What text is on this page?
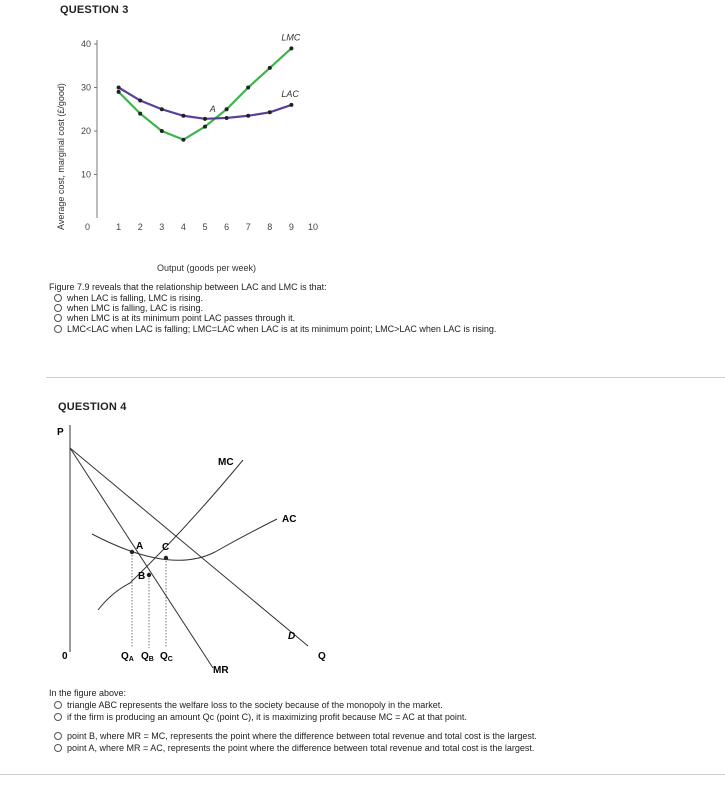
QUESTION 3
40
30
20
10
1 2 3 4 5 6 7 8 9 10
LMC
LAC
A
Average cost, marginal cost (£/good)
Output (goods per week)
0
Figure 7.9 reveals that the relationship between LAC and LMC is that:
when LAC is falling, LMC is rising.
when LMC is falling, LAC is rising.
when LMC is at its minimum point LAC passes through it.
LMC<LAC when LAC is falling; LMC=LAC when LAC is at its minimum point; LMC>LAC when LAC is rising.
QUESTION 4
P
0	Q
MC
AC
MR
D
A
B
C
$Q_A$ $Q_B$ $Q_C$
In the figure above:
triangle ABC represents the welfare loss to the society because of the monopoly in the market.
if the firm is producing an amount Qc (point C), it is maximizing profit because MC = AC at that point.
point B, where MR = MC, represents the point where the difference between total revenue and total cost is the largest.
point A, where MR = AC, represents the point where the difference between total revenue and total cost is the largest.
